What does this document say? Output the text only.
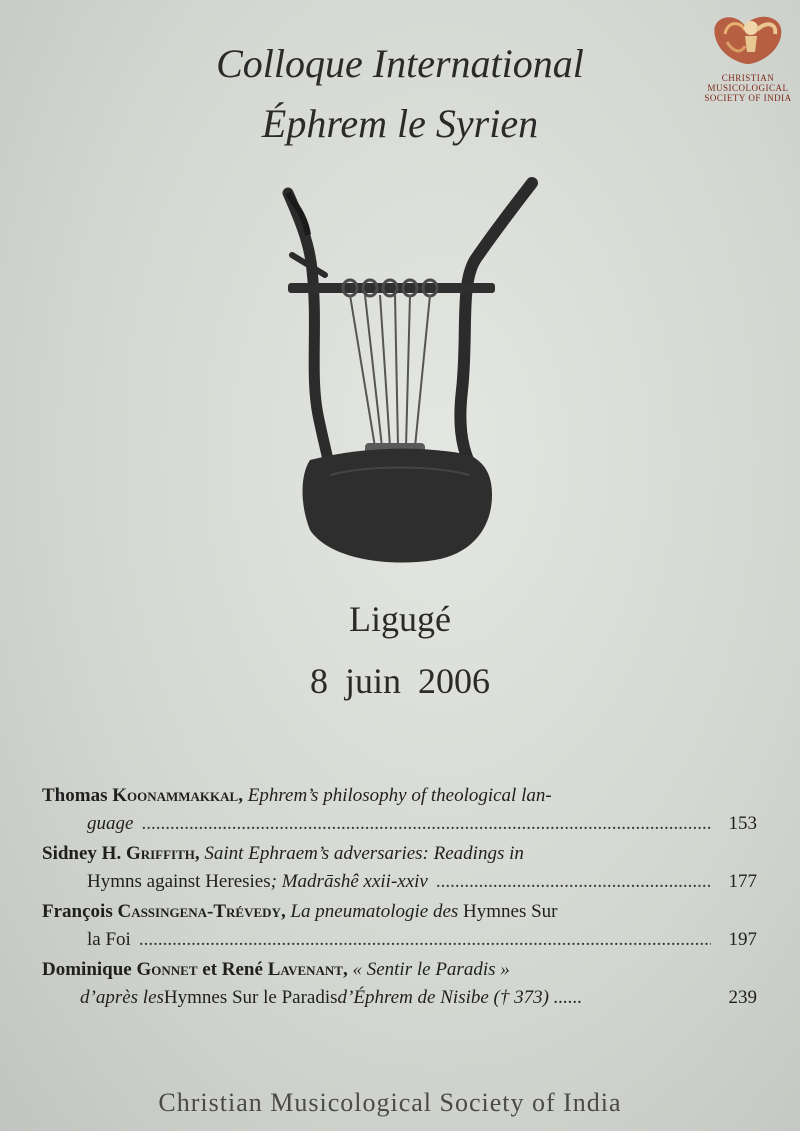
Colloque International
Éphrem le Syrien
Ligugé
8 juin 2006
Thomas Koonammakkal, Ephrem’s philosophy of theological lan-
guage .....	153
Sidney H. Griffith, Saint Ephraem’s adversaries: Readings in
Hymns against Heresies ; Madrāshê xxii-xxiv .....	177
François Cassingena-Trévedy, La pneumatologie des Hymnes Sur
la Foi .....	197
Dominique Gonnet et René Lavenant, « Sentir le Paradis »
d’après les Hymnes Sur le Paradis d’Éphrem de Nisibe († 373) ......	239
CHRISTIAN
MUSICOLOGICAL
SOCIETY OF INDIA
Christian Musicological Society of India
